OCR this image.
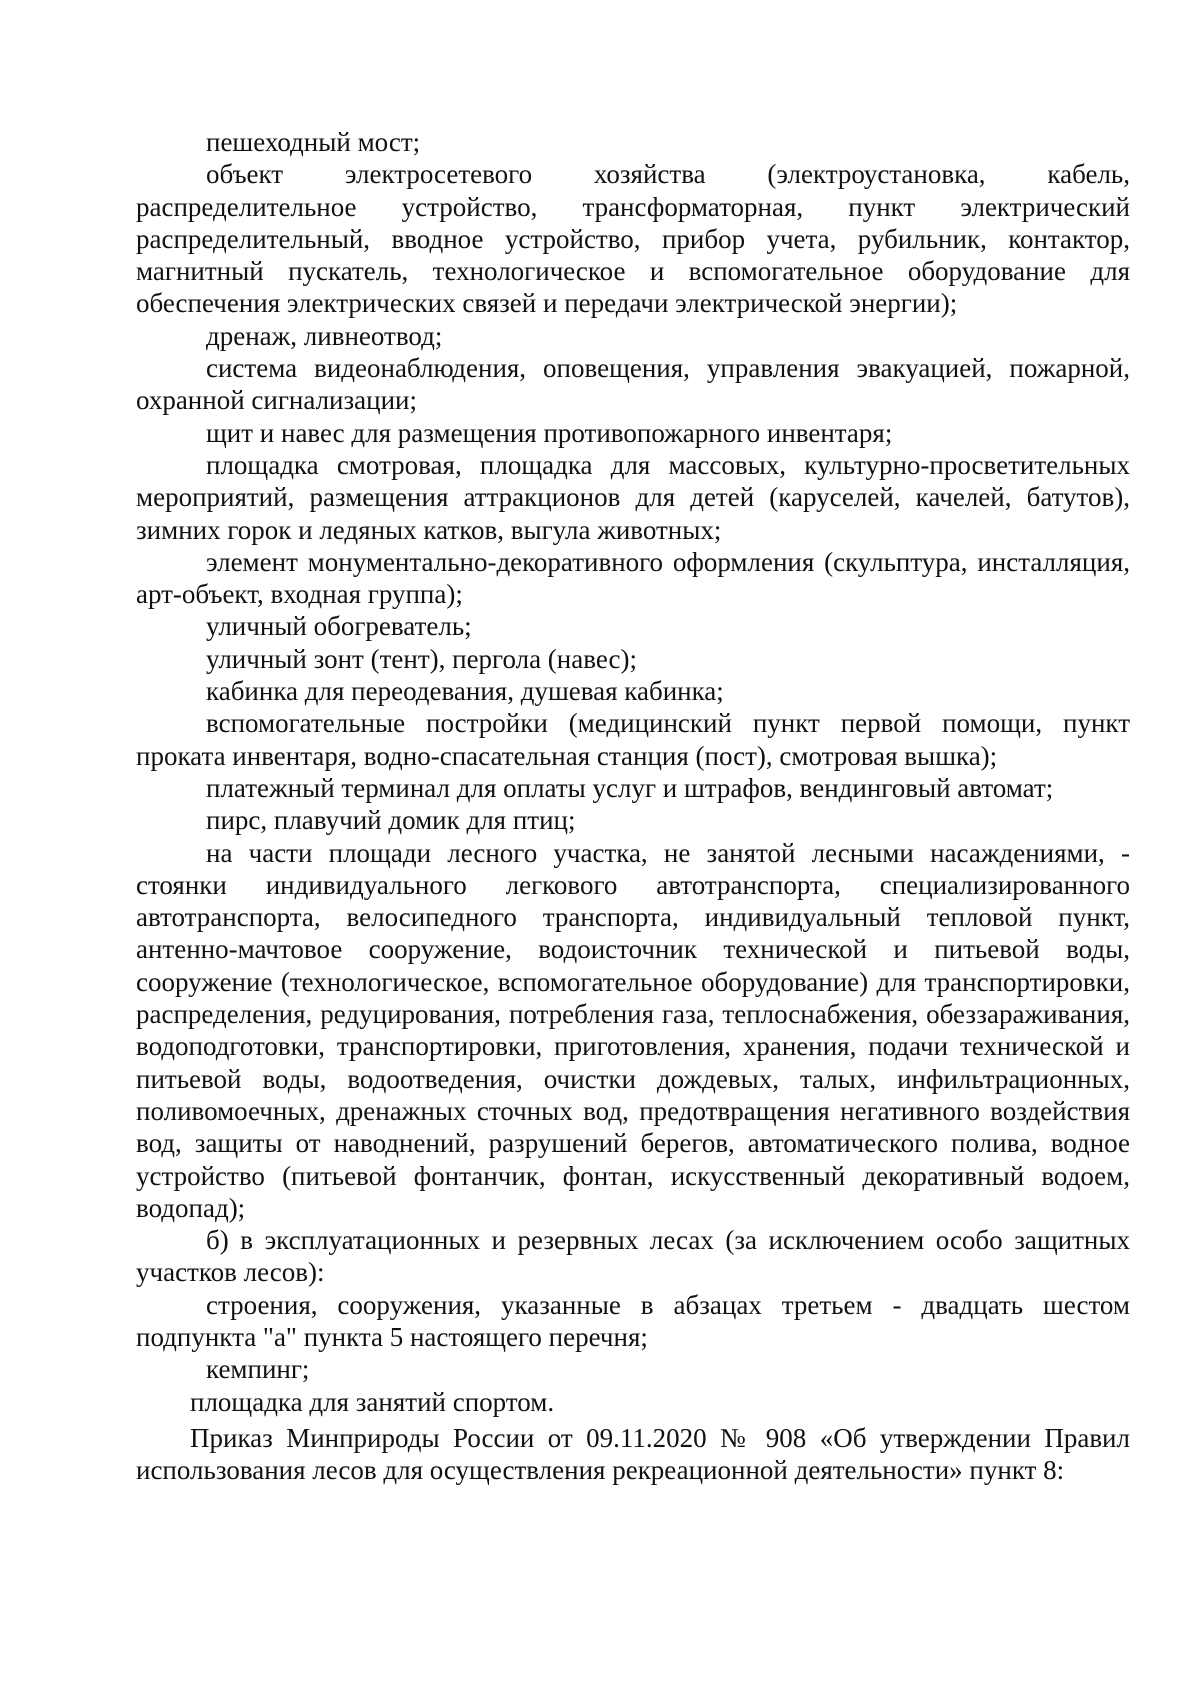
пешеходный мост;

объект электросетевого хозяйства (электроустановка, кабель, распределительное устройство, трансформаторная, пункт электрический распределительный, вводное устройство, прибор учета, рубильник, контактор, магнитный пускатель, технологическое и вспомогательное оборудование для обеспечения электрических связей и передачи электрической энергии);

дренаж, ливнеотвод;

система видеонаблюдения, оповещения, управления эвакуацией, пожарной, охранной сигнализации;

щит и навес для размещения противопожарного инвентаря;

площадка смотровая, площадка для массовых, культурно-просветительных мероприятий, размещения аттракционов для детей (каруселей, качелей, батутов), зимних горок и ледяных катков, выгула животных;

элемент монументально-декоративного оформления (скульптура, инсталляция, арт-объект, входная группа);

уличный обогреватель;

уличный зонт (тент), пергола (навес);

кабинка для переодевания, душевая кабинка;

вспомогательные постройки (медицинский пункт первой помощи, пункт проката инвентаря, водно-спасательная станция (пост), смотровая вышка);

платежный терминал для оплаты услуг и штрафов, вендинговый автомат;

пирс, плавучий домик для птиц;

на части площади лесного участка, не занятой лесными насаждениями, - стоянки индивидуального легкового автотранспорта, специализированного автотранспорта, велосипедного транспорта, индивидуальный тепловой пункт, антенно-мачтовое сооружение, водоисточник технической и питьевой воды, сооружение (технологическое, вспомогательное оборудование) для транспортировки, распределения, редуцирования, потребления газа, теплоснабжения, обеззараживания, водоподготовки, транспортировки, приготовления, хранения, подачи технической и питьевой воды, водоотведения, очистки дождевых, талых, инфильтрационных, поливомоечных, дренажных сточных вод, предотвращения негативного воздействия вод, защиты от наводнений, разрушений берегов, автоматического полива, водное устройство (питьевой фонтанчик, фонтан, искусственный декоративный водоем, водопад);

б) в эксплуатационных и резервных лесах (за исключением особо защитных участков лесов):

строения, сооружения, указанные в абзацах третьем - двадцать шестом подпункта "а" пункта 5 настоящего перечня;

кемпинг;

площадка для занятий спортом.

Приказ Минприроды России от 09.11.2020 № 908 «Об утверждении Правил использования лесов для осуществления рекреационной деятельности» пункт 8:
